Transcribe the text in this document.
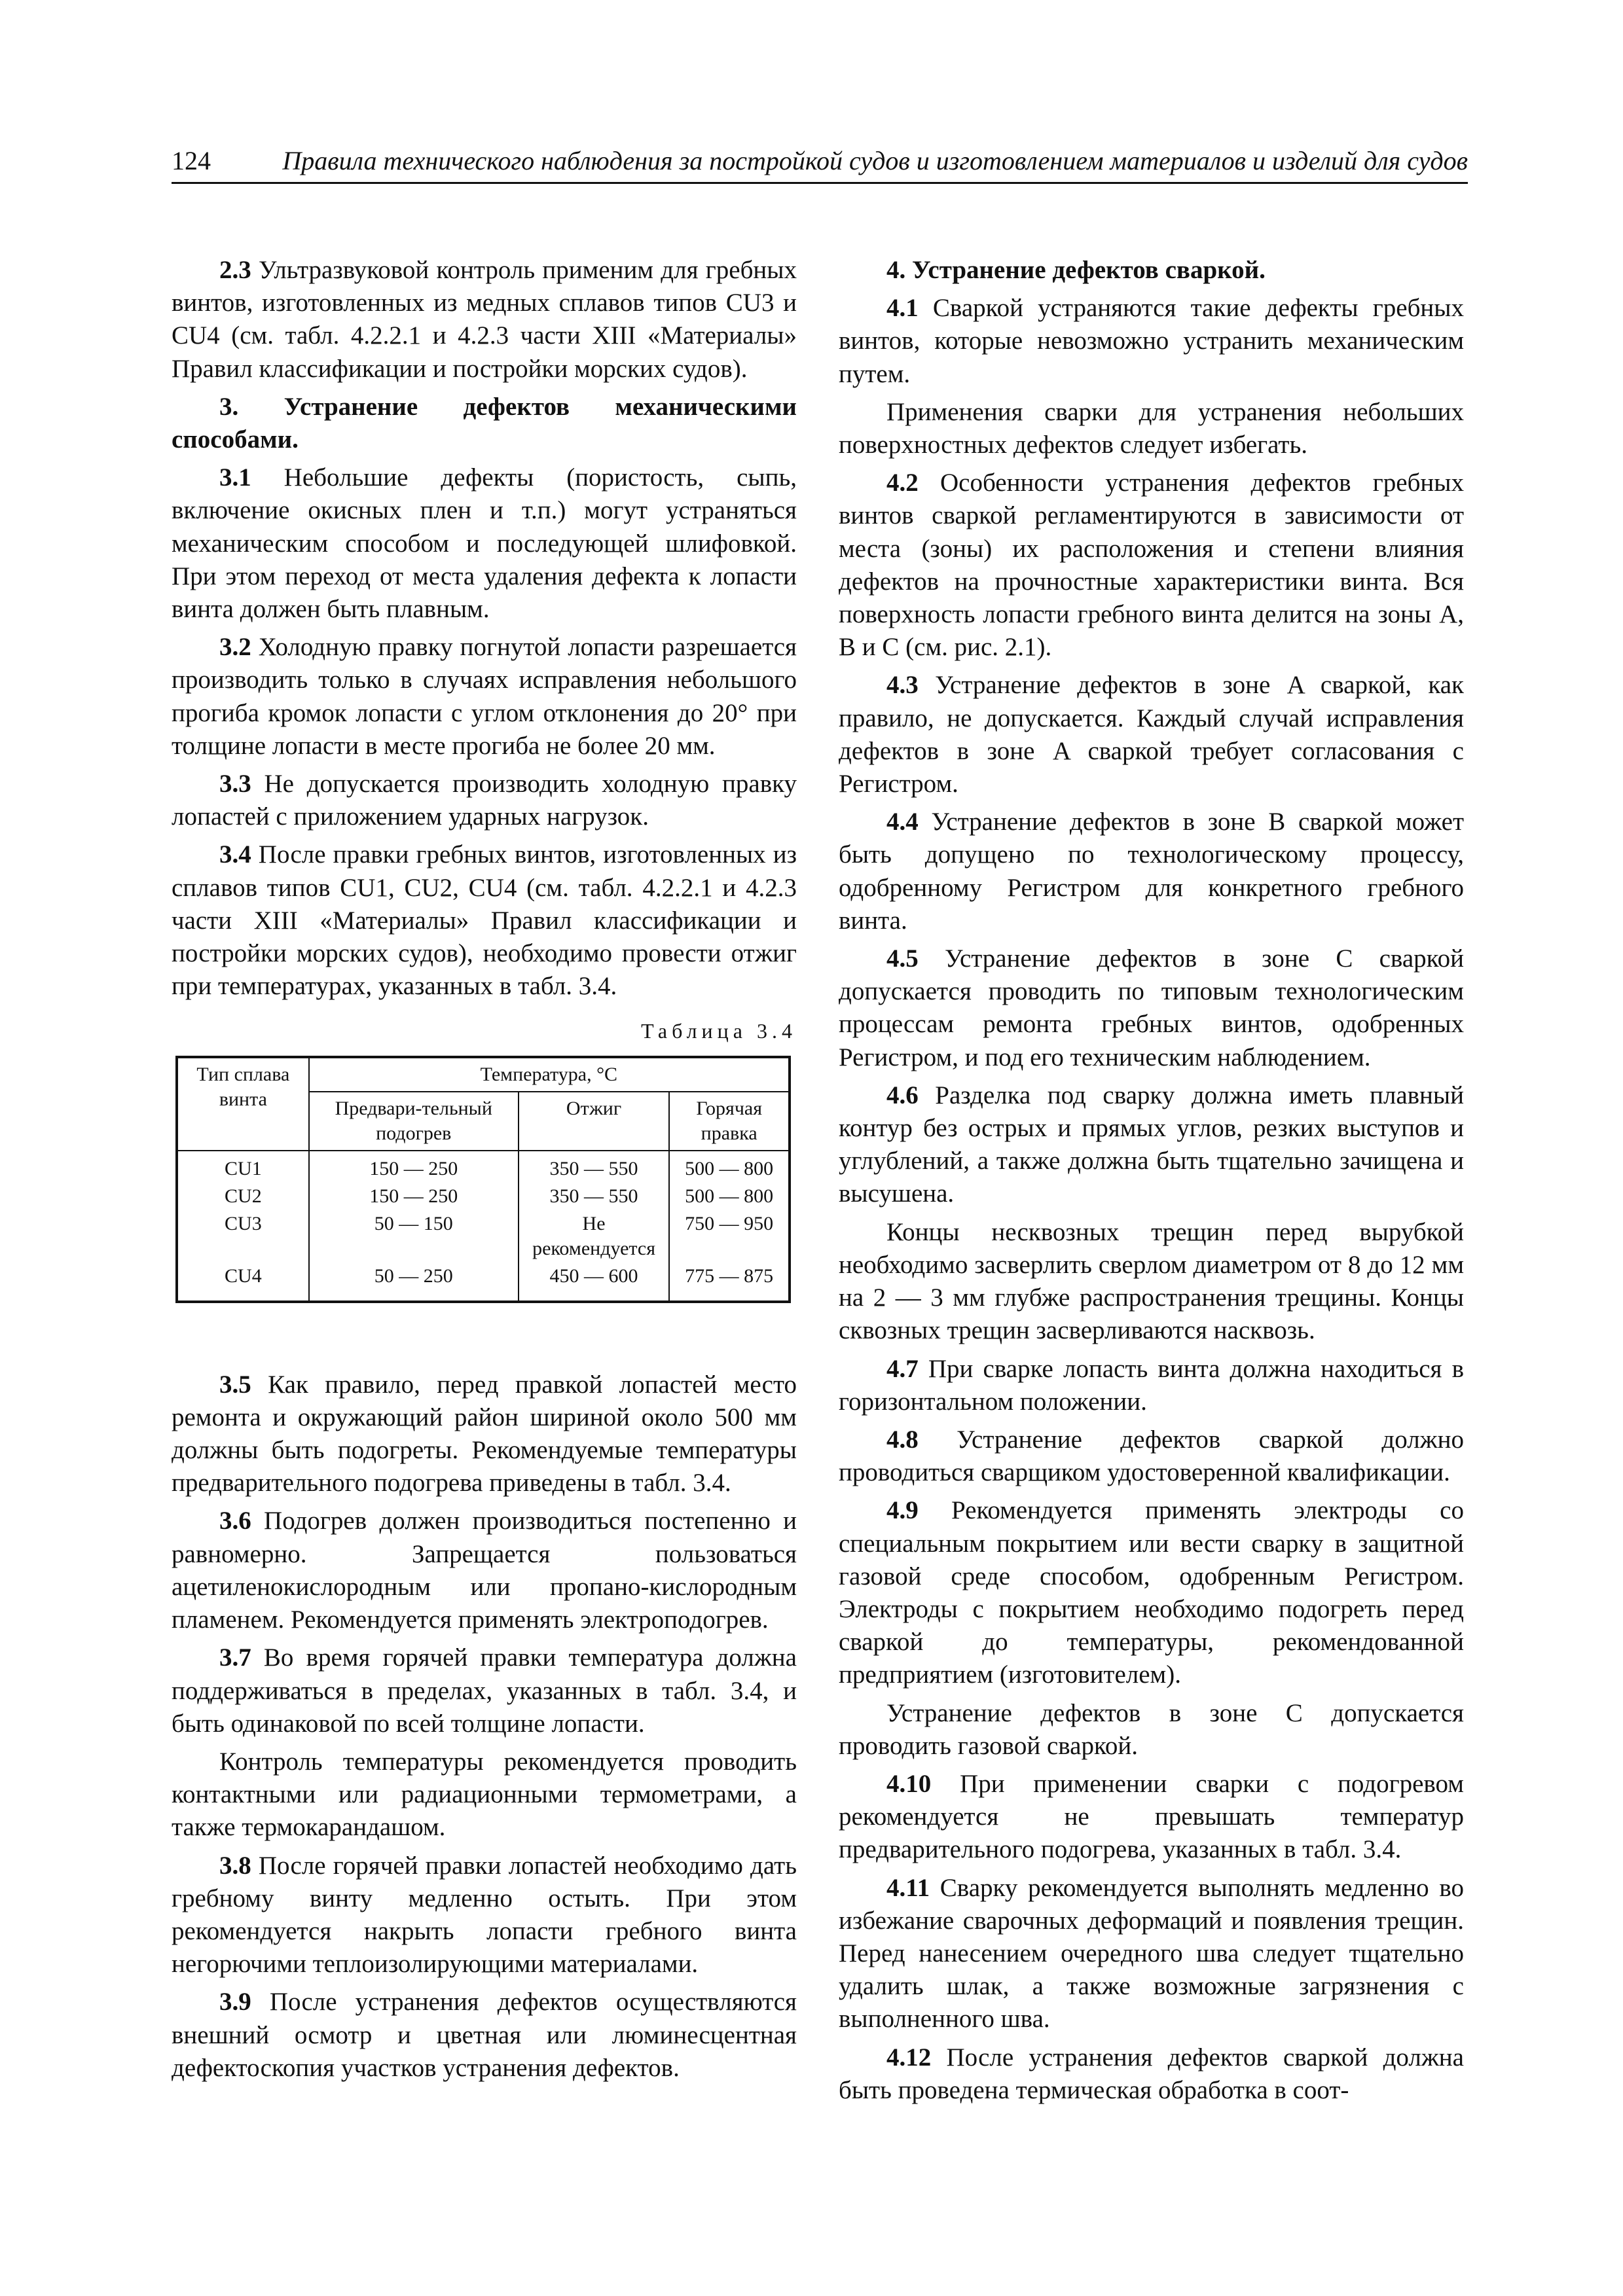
124	Правила технического наблюдения за постройкой судов и изготовлением материалов и изделий для судов

2.3 Ультразвуковой контроль применим для гребных винтов, изготовленных из медных сплавов типов CU3 и CU4 (см. табл. 4.2.2.1 и 4.2.3 части XIII «Материалы» Правил классификации и постройки морских судов).

3. Устранение дефектов механическими способами.

3.1 Небольшие дефекты (пористость, сыпь, включение окисных плен и т.п.) могут устраняться механическим способом и последующей шлифовкой. При этом переход от места удаления дефекта к лопасти винта должен быть плавным.

3.2 Холодную правку погнутой лопасти разрешается производить только в случаях исправления небольшого прогиба кромок лопасти с углом отклонения до 20° при толщине лопасти в месте прогиба не более 20 мм.

3.3 Не допускается производить холодную правку лопастей с приложением ударных нагрузок.

3.4 После правки гребных винтов, изготовленных из сплавов типов CU1, CU2, CU4 (см. табл. 4.2.2.1 и 4.2.3 части XIII «Материалы» Правил классификации и постройки морских судов), необходимо провести отжиг при температурах, указанных в табл. 3.4.

Таблица 3.4
Тип сплава винта	Температура, °С		
	Предвари-тельный подогрев	Отжиг	Горячая правка
CU1	150 — 250	350 — 550	500 — 800
CU2	150 — 250	350 — 550	500 — 800
CU3	50 — 150	Не рекомендуется	750 — 950
CU4	50 — 250	450 — 600	775 — 875

3.5 Как правило, перед правкой лопастей место ремонта и окружающий район шириной около 500 мм должны быть подогреты. Рекомендуемые температуры предварительного подогрева приведены в табл. 3.4.

3.6 Подогрев должен производиться постепенно и равномерно. Запрещается пользоваться ацетиленокислородным или пропано-кислородным пламенем. Рекомендуется применять электроподогрев.

3.7 Во время горячей правки температура должна поддерживаться в пределах, указанных в табл. 3.4, и быть одинаковой по всей толщине лопасти.

Контроль температуры рекомендуется проводить контактными или радиационными термометрами, а также термокарандашом.

3.8 После горячей правки лопастей необходимо дать гребному винту медленно остыть. При этом рекомендуется накрыть лопасти гребного винта негорючими теплоизолирующими материалами.

3.9 После устранения дефектов осуществляются внешний осмотр и цветная или люминесцентная дефектоскопия участков устранения дефектов.

4. Устранение дефектов сваркой.

4.1 Сваркой устраняются такие дефекты гребных винтов, которые невозможно устранить механическим путем.

Применения сварки для устранения небольших поверхностных дефектов следует избегать.

4.2 Особенности устранения дефектов гребных винтов сваркой регламентируются в зависимости от места (зоны) их расположения и степени влияния дефектов на прочностные характеристики винта. Вся поверхность лопасти гребного винта делится на зоны A, B и C (см. рис. 2.1).

4.3 Устранение дефектов в зоне A сваркой, как правило, не допускается. Каждый случай исправления дефектов в зоне A сваркой требует согласования с Регистром.

4.4 Устранение дефектов в зоне B сваркой может быть допущено по технологическому процессу, одобренному Регистром для конкретного гребного винта.

4.5 Устранение дефектов в зоне C сваркой допускается проводить по типовым технологическим процессам ремонта гребных винтов, одобренных Регистром, и под его техническим наблюдением.

4.6 Разделка под сварку должна иметь плавный контур без острых и прямых углов, резких выступов и углублений, а также должна быть тщательно зачищена и высушена.

Концы несквозных трещин перед вырубкой необходимо засверлить сверлом диаметром от 8 до 12 мм на 2 — 3 мм глубже распространения трещины. Концы сквозных трещин засверливаются насквозь.

4.7 При сварке лопасть винта должна находиться в горизонтальном положении.

4.8 Устранение дефектов сваркой должно проводиться сварщиком удостоверенной квалификации.

4.9 Рекомендуется применять электроды со специальным покрытием или вести сварку в защитной газовой среде способом, одобренным Регистром. Электроды с покрытием необходимо подогреть перед сваркой до температуры, рекомендованной предприятием (изготовителем).

Устранение дефектов в зоне C допускается проводить газовой сваркой.

4.10 При применении сварки с подогревом рекомендуется не превышать температур предварительного подогрева, указанных в табл. 3.4.

4.11 Сварку рекомендуется выполнять медленно во избежание сварочных деформаций и появления трещин. Перед нанесением очередного шва следует тщательно удалить шлак, а также возможные загрязнения с выполненного шва.

4.12 После устранения дефектов сваркой должна быть проведена термическая обработка в соот-
